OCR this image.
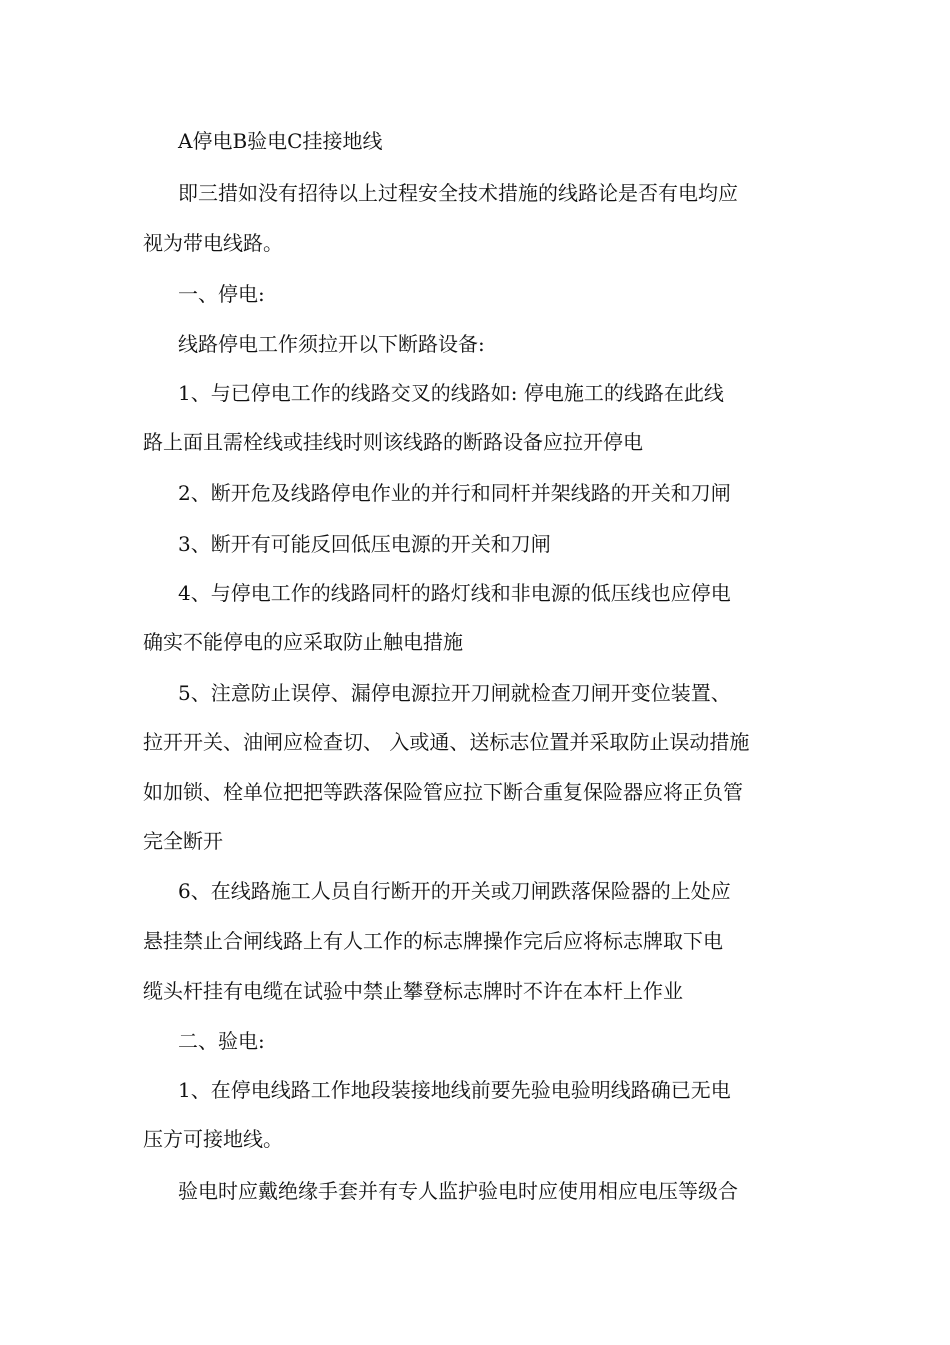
A停电B验电C挂接地线
即三措如没有招待以上过程安全技术措施的线路论是否有电均应
视为带电线路。
一、停电:
线路停电工作须拉开以下断路设备:
1、与已停电工作的线路交叉的线路如: 停电施工的线路在此线
路上面且需栓线或挂线时则该线路的断路设备应拉开停电
2、断开危及线路停电作业的并行和同杆并架线路的开关和刀闸
3、断开有可能反回低压电源的开关和刀闸
4、与停电工作的线路同杆的路灯线和非电源的低压线也应停电
确实不能停电的应采取防止触电措施
5、注意防止误停、漏停电源拉开刀闸就检查刀闸开变位装置、
拉开开关、油闸应检查切、 入或通、送标志位置并采取防止误动措施
如加锁、栓单位把把等跌落保险管应拉下断合重复保险器应将正负管
完全断开
6、在线路施工人员自行断开的开关或刀闸跌落保险器的上处应
悬挂禁止合闸线路上有人工作的标志牌操作完后应将标志牌取下电
缆头杆挂有电缆在试验中禁止攀登标志牌时不许在本杆上作业
二、验电:
1、在停电线路工作地段装接地线前要先验电验明线路确已无电
压方可接地线。
验电时应戴绝缘手套并有专人监护验电时应使用相应电压等级合
